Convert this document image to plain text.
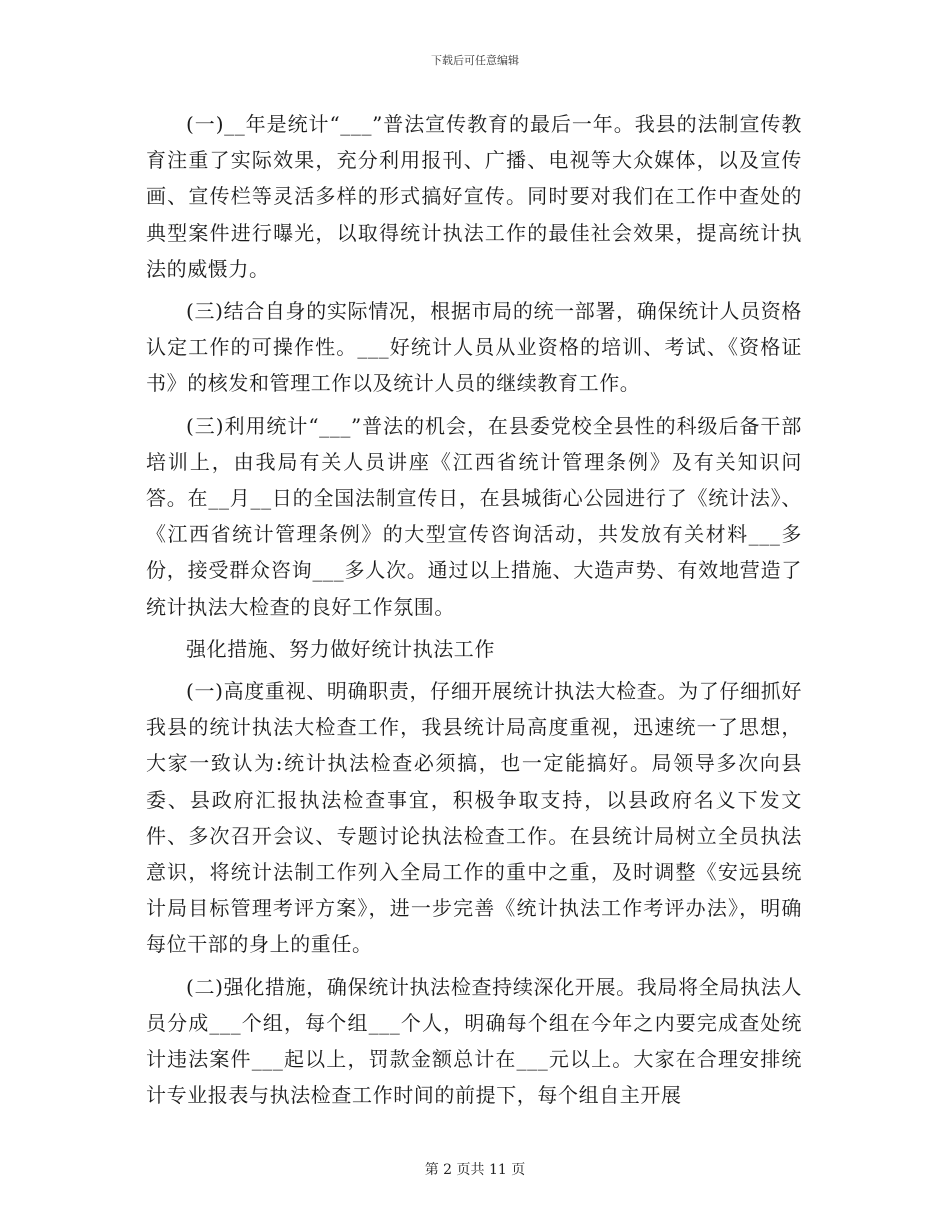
下载后可任意编辑

(一)__年是统计“___”普法宣传教育的最后一年。我县的法制宣传教育注重了实际效果，充分利用报刊、广播、电视等大众媒体，以及宣传画、宣传栏等灵活多样的形式搞好宣传。同时要对我们在工作中查处的典型案件进行曝光，以取得统计执法工作的最佳社会效果，提高统计执法的威慑力。

(三)结合自身的实际情况，根据市局的统一部署，确保统计人员资格认定工作的可操作性。___好统计人员从业资格的培训、考试、《资格证书》的核发和管理工作以及统计人员的继续教育工作。

(三)利用统计“___”普法的机会，在县委党校全县性的科级后备干部培训上，由我局有关人员讲座《江西省统计管理条例》及有关知识问答。在__月__日的全国法制宣传日，在县城街心公园进行了《统计法》、《江西省统计管理条例》的大型宣传咨询活动，共发放有关材料___多份，接受群众咨询___多人次。通过以上措施、大造声势、有效地营造了统计执法大检查的良好工作氛围。

强化措施、努力做好统计执法工作

(一)高度重视、明确职责，仔细开展统计执法大检查。为了仔细抓好我县的统计执法大检查工作，我县统计局高度重视，迅速统一了思想，大家一致认为:统计执法检查必须搞，也一定能搞好。局领导多次向县委、县政府汇报执法检查事宜，积极争取支持，以县政府名义下发文件、多次召开会议、专题讨论执法检查工作。在县统计局树立全员执法意识，将统计法制工作列入全局工作的重中之重，及时调整《安远县统计局目标管理考评方案》，进一步完善《统计执法工作考评办法》，明确每位干部的身上的重任。

(二)强化措施，确保统计执法检查持续深化开展。我局将全局执法人员分成___个组，每个组___个人，明确每个组在今年之内要完成查处统计违法案件___起以上，罚款金额总计在___元以上。大家在合理安排统计专业报表与执法检查工作时间的前提下，每个组自主开展

第 2 页共 11 页
